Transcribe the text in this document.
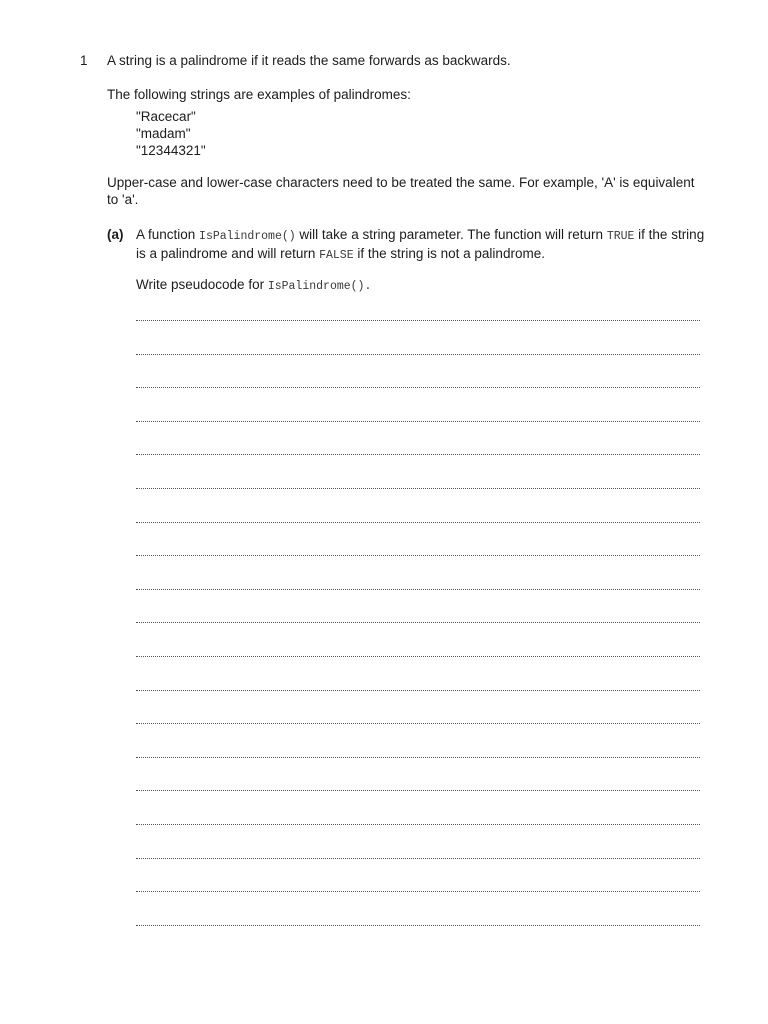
1 A string is a palindrome if it reads the same forwards as backwards.

The following strings are examples of palindromes:

"Racecar"
"madam"
"12344321"

Upper-case and lower-case characters need to be treated the same. For example, 'A' is equivalent to 'a'.

(a) A function IsPalindrome() will take a string parameter. The function will return TRUE if the string is a palindrome and will return FALSE if the string is not a palindrome.

Write pseudocode for IsPalindrome().
